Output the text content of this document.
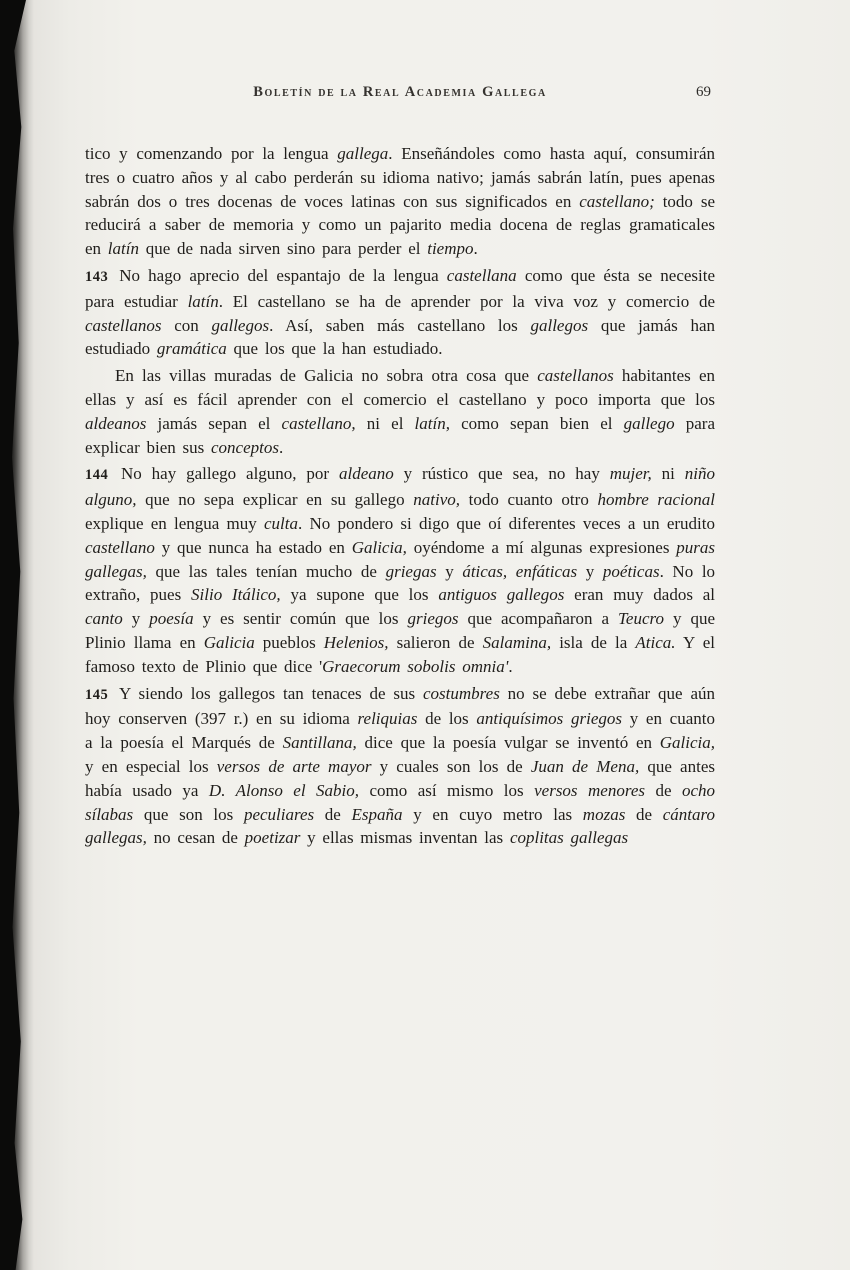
Boletín de la Real Academia Gallega	69

tico y comenzando por la lengua gallega. Enseñándoles como hasta aquí, consumirán tres o cuatro años y al cabo perderán su idioma nativo; jamás sabrán latín, pues apenas sabrán dos o tres docenas de voces latinas con sus significados en castellano; todo se reducirá a saber de memoria y como un pajarito media docena de reglas gramaticales en latín que de nada sirven sino para perder el tiempo.

143 No hago aprecio del espantajo de la lengua castellana como que ésta se necesite para estudiar latín. El castellano se ha de aprender por la viva voz y comercio de castellanos con gallegos. Así, saben más castellano los gallegos que jamás han estudiado gramática que los que la han estudiado.

En las villas muradas de Galicia no sobra otra cosa que castellanos habitantes en ellas y así es fácil aprender con el comercio el castellano y poco importa que los aldeanos jamás sepan el castellano, ni el latín, como sepan bien el gallego para explicar bien sus conceptos.

144 No hay gallego alguno, por aldeano y rústico que sea, no hay mujer, ni niño alguno, que no sepa explicar en su gallego nativo, todo cuanto otro hombre racional explique en lengua muy culta. No pondero si digo que oí diferentes veces a un erudito castellano y que nunca ha estado en Galicia, oyéndome a mí algunas expresiones puras gallegas, que las tales tenían mucho de griegas y áticas, enfáticas y poéticas. No lo extraño, pues Silio Itálico, ya supone que los antiguos gallegos eran muy dados al canto y poesía y es sentir común que los griegos que acompañaron a Teucro y que Plinio llama en Galicia pueblos Helenios, salieron de Salamina, isla de la Atica. Y el famoso texto de Plinio que dice 'Graecorum sobolis omnia'.

145 Y siendo los gallegos tan tenaces de sus costumbres no se debe extrañar que aún hoy conserven (397 r.) en su idioma reliquias de los antiquísimos griegos y en cuanto a la poesía el Marqués de Santillana, dice que la poesía vulgar se inventó en Galicia, y en especial los versos de arte mayor y cuales son los de Juan de Mena, que antes había usado ya D. Alonso el Sabio, como así mismo los versos menores de ocho sílabas que son los peculiares de España y en cuyo metro las mozas de cántaro gallegas, no cesan de poetizar y ellas mismas inventan las coplitas gallegas
